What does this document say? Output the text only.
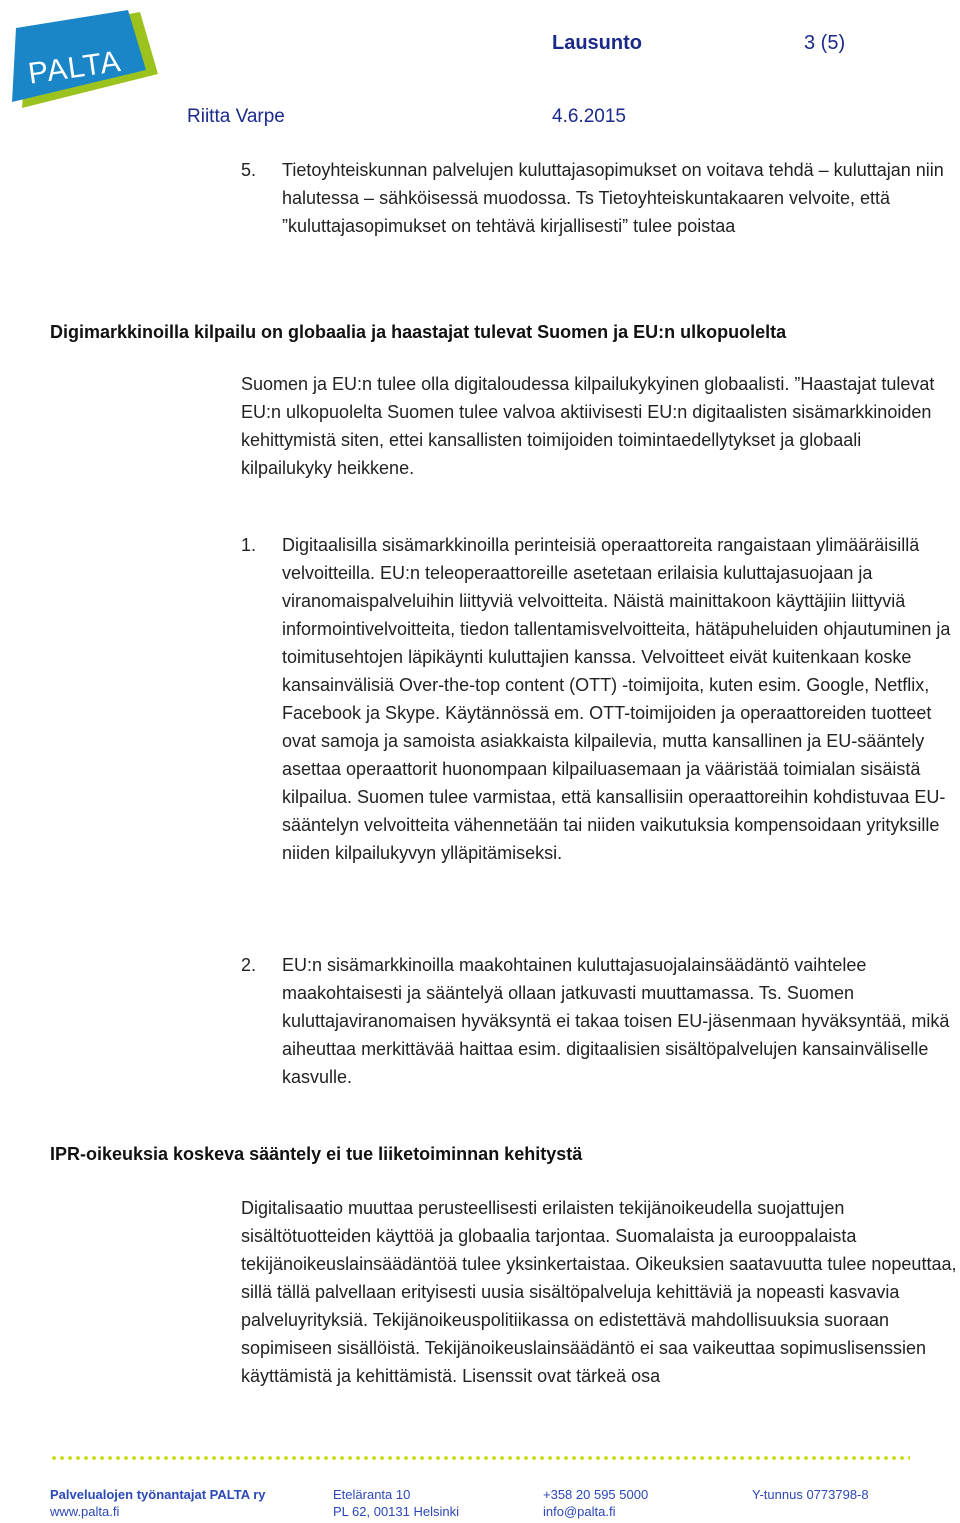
PALTA
Lausunto	3 (5)
Riitta Varpe	4.6.2015
5. Tietoyhteiskunnan palvelujen kuluttajasopimukset on voitava tehdä – kuluttajan niin halutessa – sähköisessä muodossa. Ts Tietoyhteiskuntakaaren velvoite, että ”kuluttajasopimukset on tehtävä kirjallisesti” tulee poistaa
Digimarkkinoilla kilpailu on globaalia ja haastajat tulevat Suomen ja EU:n ulkopuolelta
Suomen ja EU:n tulee olla digitaloudessa kilpailukykyinen globaalisti. ”Haastajat tulevat EU:n ulkopuolelta Suomen tulee valvoa aktiivisesti EU:n digitaalisten sisämarkkinoiden kehittymistä siten, ettei kansallisten toimijoiden toimintaedellytykset ja globaali kilpailukyky heikkene.
1. Digitaalisilla sisämarkkinoilla perinteisiä operaattoreita rangaistaan ylimääräisillä velvoitteilla. EU:n teleoperaattoreille asetetaan erilaisia kuluttajasuojaan ja viranomaispalveluihin liittyviä velvoitteita. Näistä mainittakoon käyttäjiin liittyviä informointivelvoitteita, tiedon tallentamisvelvoitteita, hätäpuheluiden ohjautuminen ja toimitusehtojen läpikäynti kuluttajien kanssa. Velvoitteet eivät kuitenkaan koske kansainvälisiä Over-the-top content (OTT) -toimijoita, kuten esim. Google, Netflix, Facebook ja Skype. Käytännössä em. OTT-toimijoiden ja operaattoreiden tuotteet ovat samoja ja samoista asiakkaista kilpailevia, mutta kansallinen ja EU-sääntely asettaa operaattorit huonompaan kilpailuasemaan ja vääristää toimialan sisäistä kilpailua. Suomen tulee varmistaa, että kansallisiin operaattoreihin kohdistuvaa EU-sääntelyn velvoitteita vähennetään tai niiden vaikutuksia kompensoidaan yrityksille niiden kilpailukyvyn ylläpitämiseksi.
2. EU:n sisämarkkinoilla maakohtainen kuluttajasuojalainsäädäntö vaihtelee maakohtaisesti ja sääntelyä ollaan jatkuvasti muuttamassa. Ts. Suomen kuluttajaviranomaisen hyväksyntä ei takaa toisen EU-jäsenmaan hyväksyntää, mikä aiheuttaa merkittävää haittaa esim. digitaalisien sisältöpalvelujen kansainväliselle kasvulle.
IPR-oikeuksia koskeva sääntely ei tue liiketoiminnan kehitystä
Digitalisaatio muuttaa perusteellisesti erilaisten tekijänoikeudella suojattujen sisältötuotteiden käyttöä ja globaalia tarjontaa. Suomalaista ja eurooppalaista tekijänoikeuslainsäädäntöä tulee yksinkertaistaa. Oikeuksien saatavuutta tulee nopeuttaa, sillä tällä palvellaan erityisesti uusia sisältöpalveluja kehittäviä ja nopeasti kasvavia palveluyrityksiä. Tekijänoikeuspolitiikassa on edistettävä mahdollisuuksia suoraan sopimiseen sisällöistä. Tekijänoikeuslainsäädäntö ei saa vaikeuttaa sopimuslisenssien käyttämistä ja kehittämistä. Lisenssit ovat tärkeä osa
Palvelualojen työnantajat PALTA ry
www.palta.fi
Eteläranta 10
PL 62, 00131 Helsinki
+358 20 595 5000
info@palta.fi
Y-tunnus 0773798-8
